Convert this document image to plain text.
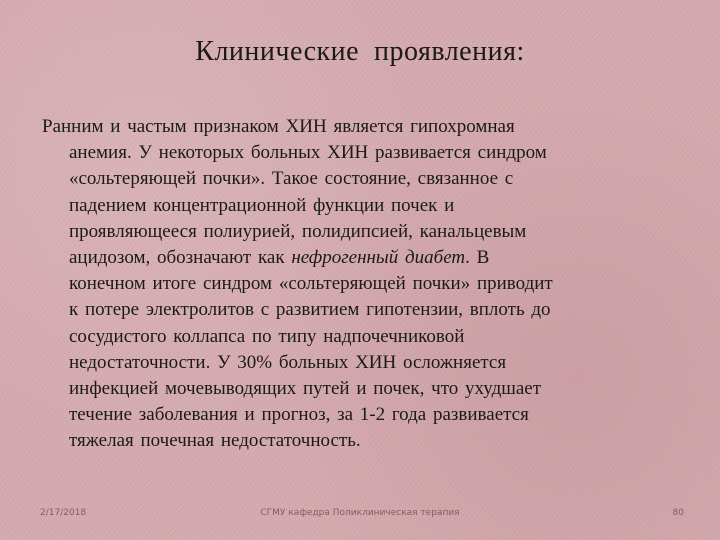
Клинические  проявления:
Ранним и частым признаком ХИН является гипохромная
анемия. У некоторых больных ХИН развивается синдром
«сольтеряющей почки». Такое состояние, связанное с
падением концентрационной функции почек и
проявляющееся полиурией, полидипсией, канальцевым
ацидозом, обозначают как нефрогенный диабет. В
конечном итоге синдром «сольтеряющей почки» приводит
к потере электролитов с развитием гипотензии, вплоть до
сосудистого коллапса по типу надпочечниковой
недостаточности. У 30% больных ХИН осложняется
инфекцией мочевыводящих путей и почек, что ухудшает
течение заболевания и прогноз, за 1-2 года развивается
тяжелая почечная недостаточность.
2/17/2018	СГМУ кафедра Поликлиническая терапия	80
